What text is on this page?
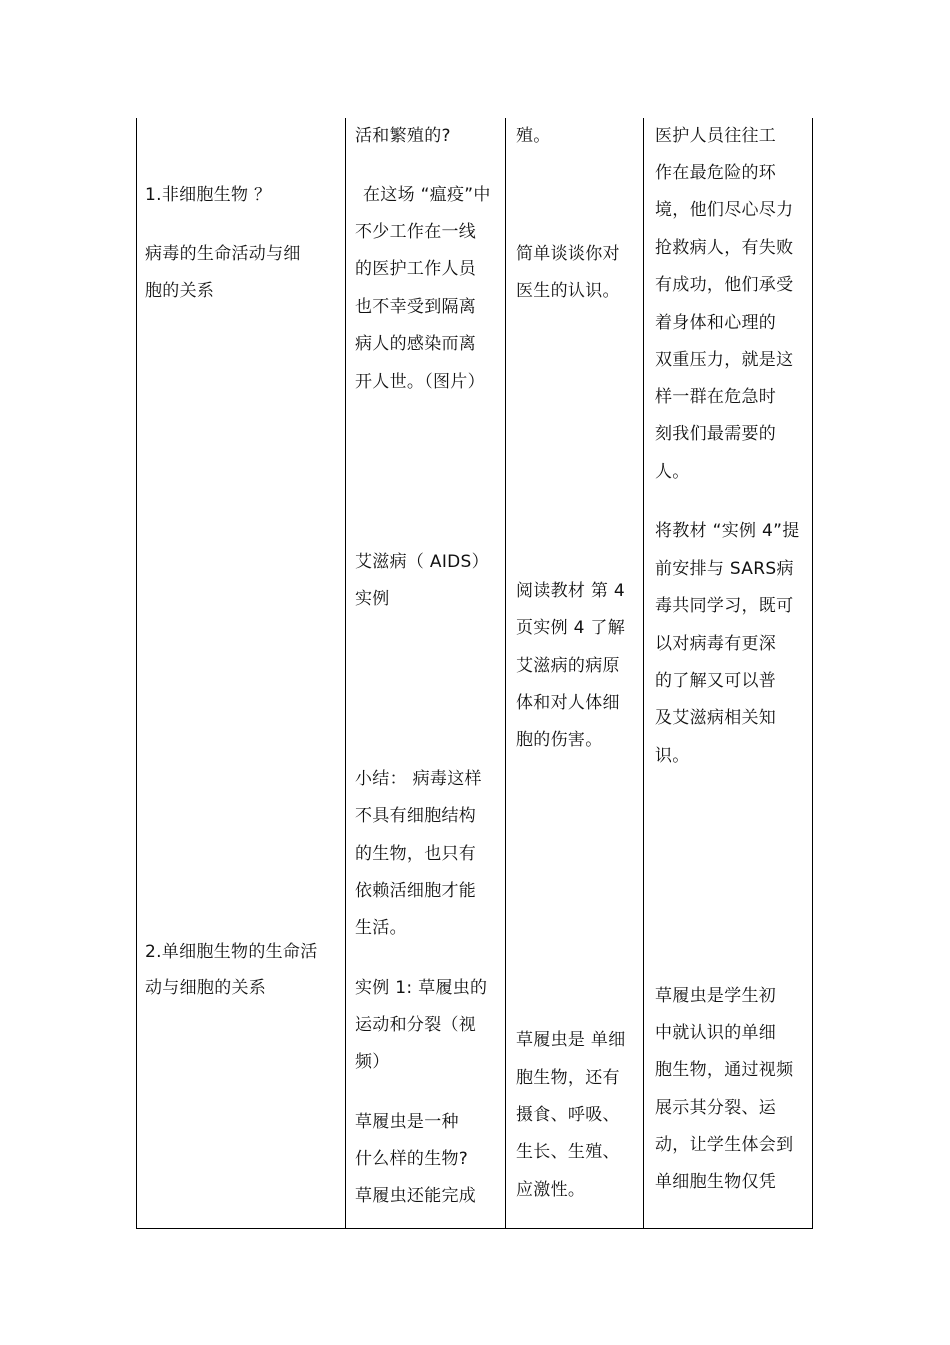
1.非细胞生物 ？
病毒的生命活动与细
胞的关系
2.单细胞生物的生命活
动与细胞的关系
活和繁殖的?
在这场 “瘟疫”中
不少工作在一线
的医护工作人员
也不幸受到隔离
病人的感染而离
开人世。（图片）
艾滋病（ AIDS）
实例
小结： 病毒这样
不具有细胞结构
的生物，也只有
依赖活细胞才能
生活。
实例 1: 草履虫的
运动和分裂（视
频）
草履虫是一种
什么样的生物?
草履虫还能完成
殖。
简单谈谈你对
医生的认识。
阅读教材 第 4
页实例 4 了解
艾滋病的病原
体和对人体细
胞的伤害。
草履虫是 单细
胞生物，还有
摄食、呼吸、
生长、生殖、
应激性。
医护人员往往工
作在最危险的环
境，他们尽心尽力
抢救病人，有失败
有成功，他们承受
着身体和心理的
双重压力，就是这
样一群在危急时
刻我们最需要的
人。
将教材 “实例 4”提
前安排与 SARS病
毒共同学习，既可
以对病毒有更深
的了解又可以普
及艾滋病相关知
识。
草履虫是学生初
中就认识的单细
胞生物，通过视频
展示其分裂、运
动，让学生体会到
单细胞生物仅凭
